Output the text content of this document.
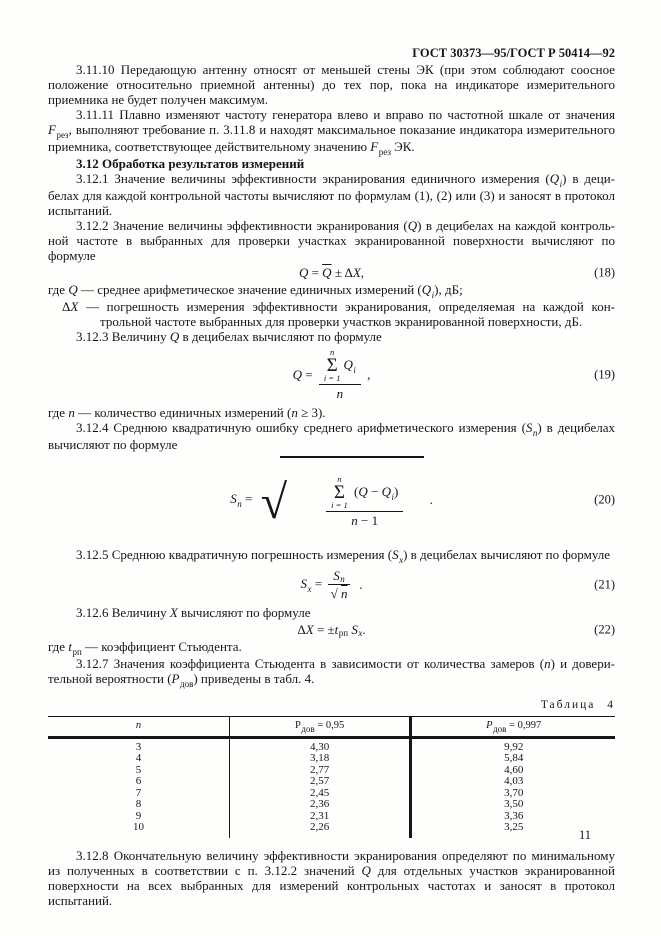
ГОСТ 30373—95/ГОСТ Р 50414—92

3.11.10 Передающую антенну относят от меньшей стены ЭК (при этом соблюдают соосное положение относительно приемной антенны) до тех пор, пока на индикаторе измерительного приемника не будет получен максимум.

3.11.11 Плавно изменяют частоту генератора влево и вправо по частотной шкале от значения $F_{рез}$, выполняют требование п. 3.11.8 и находят максимальное показание индикатора измерительного приемника, соответствующее действительному значению $F_{рез}$ ЭК.

3.12 Обработка результатов измерений

3.12.1 Значение величины эффективности экранирования единичного измерения $(Q_i)$ в децибелах для каждой контрольной частоты вычисляют по формулам (1), (2) или (3) и заносят в протокол испытаний.

3.12.2 Значение величины эффективности экранирования (Q) в децибелах на каждой контрольной частоте в выбранных для проверки участках экранированной поверхности вычисляют по формуле

$Q = \overline{Q} \pm \Delta$ X ,	(18)

где Q — среднее арифметическое значение единичных измерений $(Q_i)$, дБ;

ΔX — погрешность измерения эффективности экранирования, определяемая на каждой контрольной частоте выбранных для проверки участков экранированной поверхности, дБ.

3.12.3 Величину Q в децибелах вычисляют по формуле

Q =
n
Σ
i = 1
$Q_i$
n
,	(19)

где n — количество единичных измерений (n ≥ 3).

3.12.4 Среднюю квадратичную ошибку среднего арифметического измерения $(S_n)$ в децибелах вычисляют по формуле

$S_n$ = √

	n
Σ
i = 1
$(Q - Q_i)$
n − 1

.	(20)

3.12.5 Среднюю квадратичную погрешность измерения $(S_x)$ в децибелах вычисляют по формуле

$S_x = \frac{\text{S n}}{√ n}$ .	(21)

3.12.6 Величину X вычисляют по формуле

Δ X = ± t рп
S x .	(22)

где $t_{рп}$ — коэффициент Стьюдента.

3.12.7 Значения коэффициента Стьюдента в зависимости от количества замеров (n) и доверительной вероятности $(P_{дов})$ приведены в табл. 4.

Таблица 4
n	Pдов = 0,95	Pдов = 0,997
3	4,30	9,92
4	3,18	5,84
5	2,77	4,60
6	2,57	4,03
7	2,45	3,70
8	2,36	3,50
9	2,31	3,36
10	2,26	3,25

3.12.8 Окончательную величину эффективности экранирования определяют по минимальному из полученных в соответствии с п. 3.12.2 значений Q для отдельных участков экранированной поверхности на всех выбранных для измерений контрольных частотах и заносят в протокол испытаний.

11
